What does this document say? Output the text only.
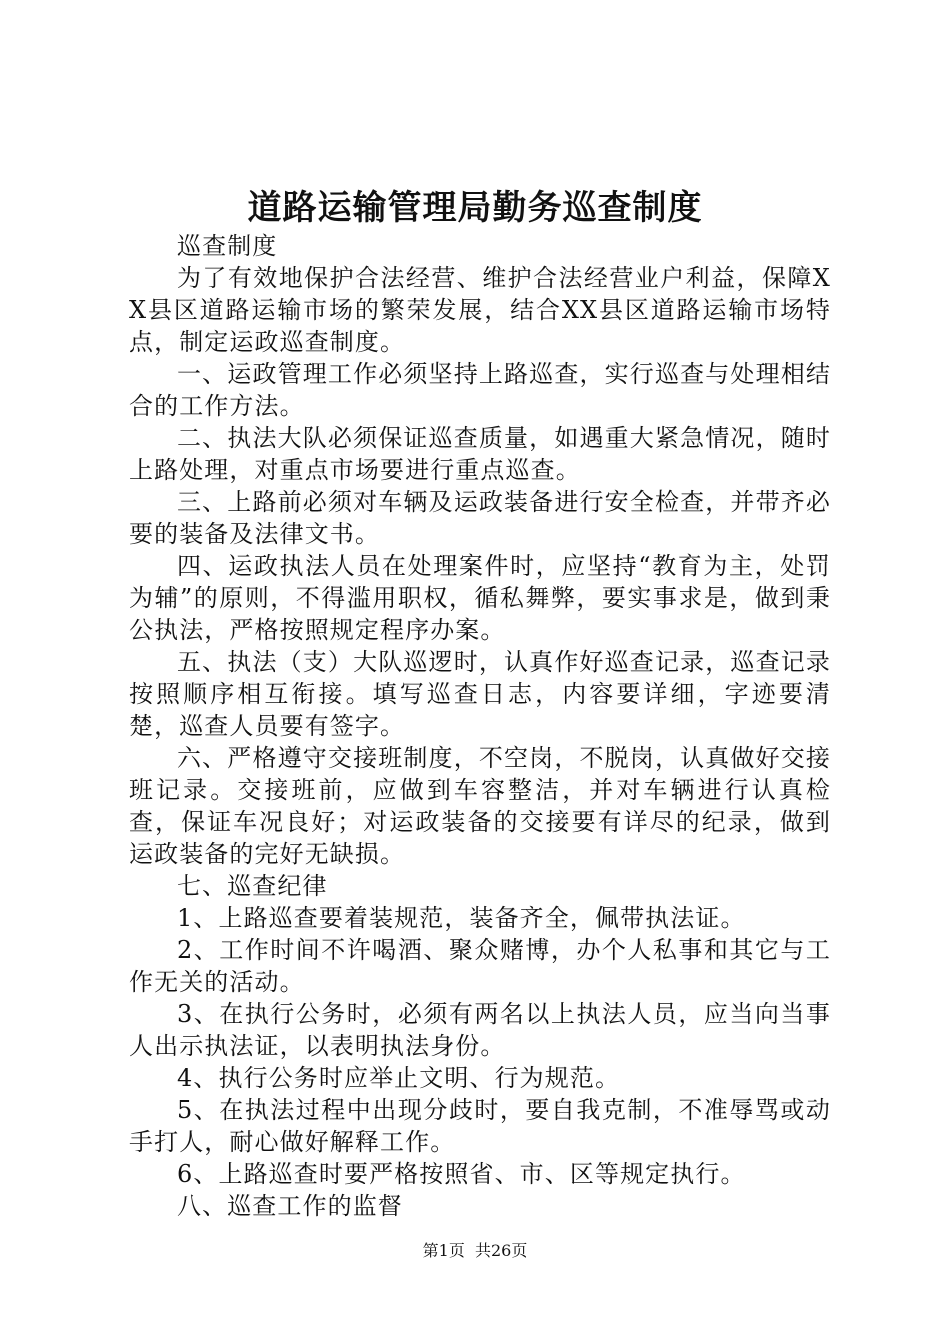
道路运输管理局勤务巡查制度

巡查制度

为了有效地保护合法经营、维护合法经营业户利益，保障XX县区道路运输市场的繁荣发展，结合XX县区道路运输市场特点，制定运政巡查制度。

一、运政管理工作必须坚持上路巡查，实行巡查与处理相结合的工作方法。

二、执法大队必须保证巡查质量，如遇重大紧急情况，随时上路处理，对重点市场要进行重点巡查。

三、上路前必须对车辆及运政装备进行安全检查，并带齐必要的装备及法律文书。

四、运政执法人员在处理案件时，应坚持“教育为主，处罚为辅”的原则，不得滥用职权，循私舞弊，要实事求是，做到秉公执法，严格按照规定程序办案。

五、执法（支）大队巡逻时，认真作好巡查记录，巡查记录按照顺序相互衔接。填写巡查日志，内容要详细，字迹要清楚，巡查人员要有签字。

六、严格遵守交接班制度，不空岗，不脱岗，认真做好交接班记录。交接班前，应做到车容整洁，并对车辆进行认真检查，保证车况良好；对运政装备的交接要有详尽的纪录，做到运政装备的完好无缺损。

七、巡查纪律

1、上路巡查要着装规范，装备齐全，佩带执法证。

2、工作时间不许喝酒、聚众赌博，办个人私事和其它与工作无关的活动。

3、在执行公务时，必须有两名以上执法人员，应当向当事人出示执法证，以表明执法身份。

4、执行公务时应举止文明、行为规范。

5、在执法过程中出现分歧时，要自我克制，不准辱骂或动手打人，耐心做好解释工作。

6、上路巡查时要严格按照省、市、区等规定执行。

八、巡查工作的监督

第1页  共26页
